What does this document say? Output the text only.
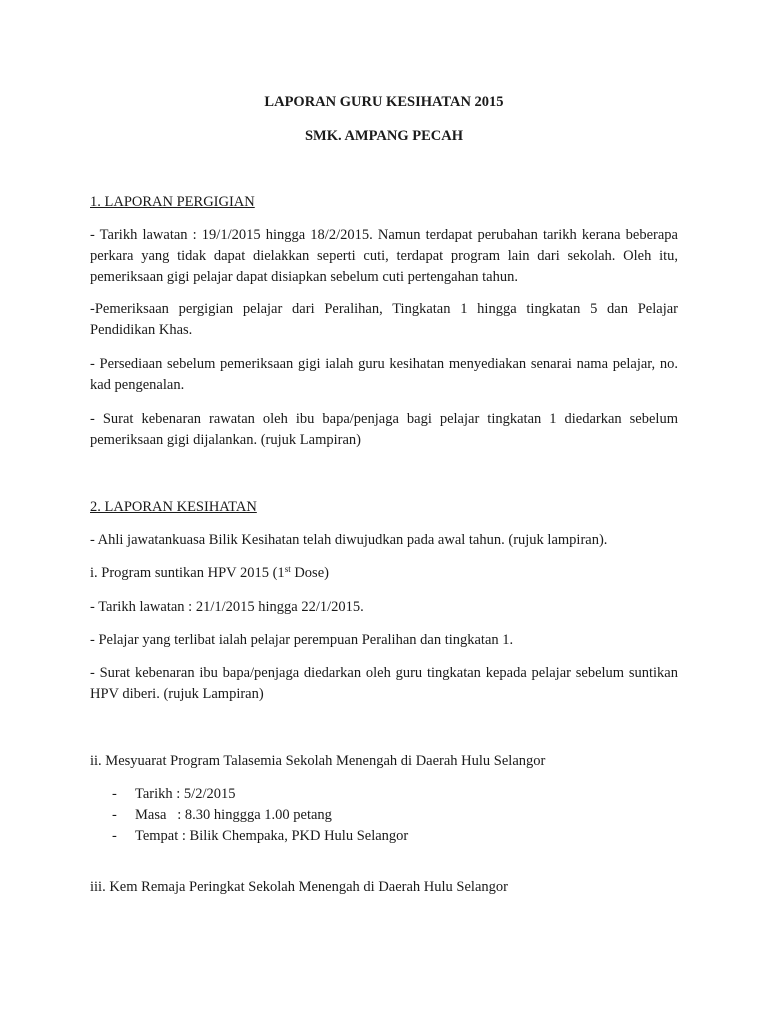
LAPORAN GURU KESIHATAN 2015

SMK. AMPANG PECAH

1. LAPORAN PERGIGIAN

- Tarikh lawatan : 19/1/2015 hingga 18/2/2015. Namun terdapat perubahan tarikh kerana beberapa perkara yang tidak dapat dielakkan seperti cuti, terdapat program lain dari sekolah. Oleh itu, pemeriksaan gigi pelajar dapat disiapkan sebelum cuti pertengahan tahun.

-Pemeriksaan pergigian pelajar dari Peralihan, Tingkatan 1 hingga tingkatan 5 dan Pelajar Pendidikan Khas.

- Persediaan sebelum pemeriksaan gigi ialah guru kesihatan menyediakan senarai nama pelajar, no. kad pengenalan.

- Surat kebenaran rawatan oleh ibu bapa/penjaga bagi pelajar tingkatan 1 diedarkan sebelum pemeriksaan gigi dijalankan. (rujuk Lampiran)

2. LAPORAN KESIHATAN

- Ahli jawatankuasa Bilik Kesihatan telah diwujudkan pada awal tahun. (rujuk lampiran).

i. Program suntikan HPV 2015 (1st Dose)

- Tarikh lawatan : 21/1/2015 hingga 22/1/2015.

- Pelajar yang terlibat ialah pelajar perempuan Peralihan dan tingkatan 1.

- Surat kebenaran ibu bapa/penjaga diedarkan oleh guru tingkatan kepada pelajar sebelum suntikan HPV diberi. (rujuk Lampiran)

ii. Mesyuarat Program Talasemia Sekolah Menengah di Daerah Hulu Selangor

-	Tarikh : 5/2/2015
-	Masa   : 8.30 hinggga 1.00 petang
-	Tempat : Bilik Chempaka, PKD Hulu Selangor

iii. Kem Remaja Peringkat Sekolah Menengah di Daerah Hulu Selangor
